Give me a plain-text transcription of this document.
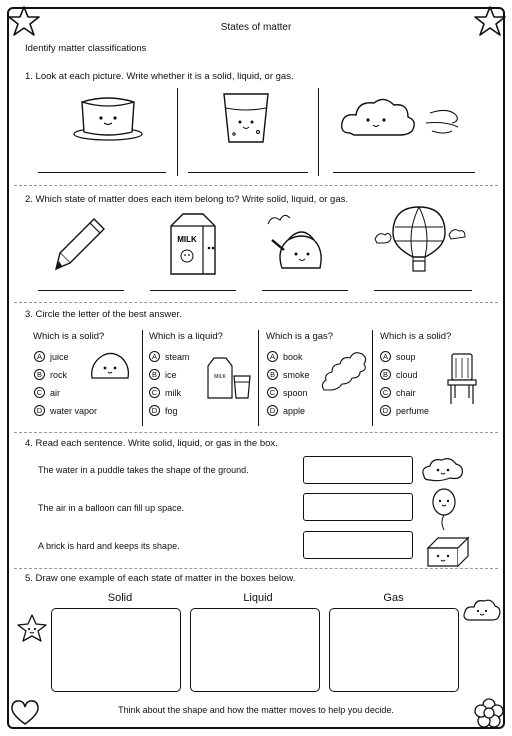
States of matter
Identify matter classifications
1. Look at each picture. Write whether it is a solid, liquid, or gas.
2. Which state of matter does each item belong to? Write solid, liquid, or gas.
MILK
3. Circle the letter of the best answer.
Which is a solid?
A juice
B rock
C air
D water vapor
Which is a liquid?
A steam
B ice
C milk
D fog
MILK
Which is a gas?
A book
B smoke
C spoon
D apple
Which is a solid?
A soup
B cloud
C chair
D perfume
4. Read each sentence. Write solid, liquid, or gas in the box.
The water in a puddle takes the shape of the ground.
The air in a balloon can fill up space.
A brick is hard and keeps its shape.
5. Draw one example of each state of matter in the boxes below.
Solid	Liquid	Gas
Think about the shape and how the matter moves to help you decide.
